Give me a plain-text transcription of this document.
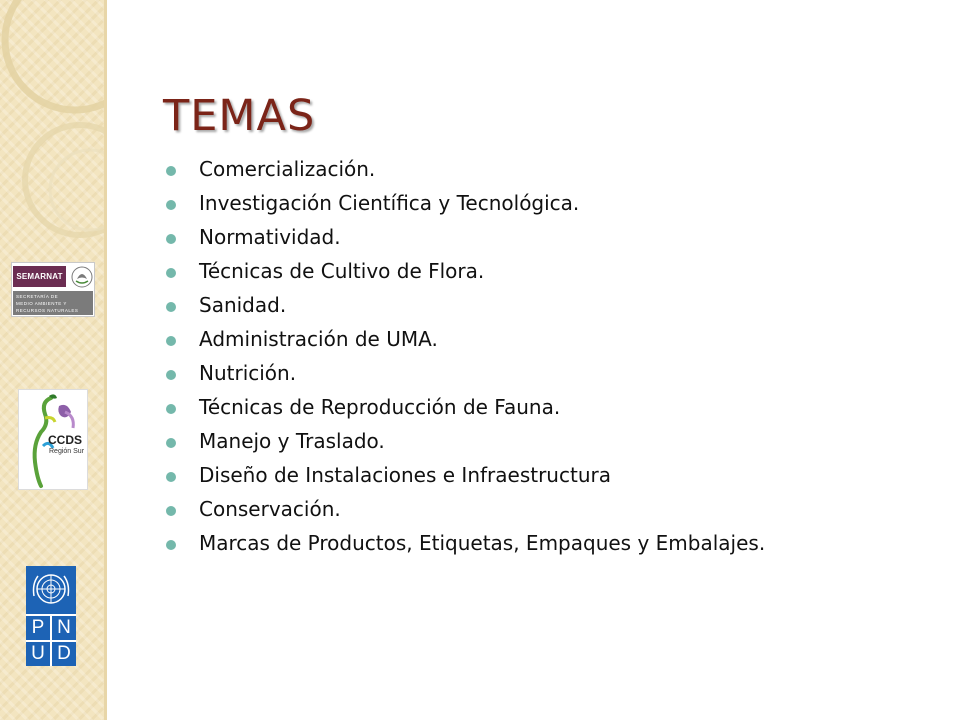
SEMARNAT
SECRETARÍA DE
MEDIO AMBIENTE Y
RECURSOS NATURALES
CCDS
Región Sur
P N
U D
TEMAS
Comercialización.
Investigación Científica y Tecnológica.
Normatividad.
Técnicas de Cultivo de Flora.
Sanidad.
Administración de UMA.
Nutrición.
Técnicas de Reproducción de Fauna.
Manejo y Traslado.
Diseño de Instalaciones e Infraestructura
Conservación.
Marcas de Productos, Etiquetas, Empaques y Embalajes.
